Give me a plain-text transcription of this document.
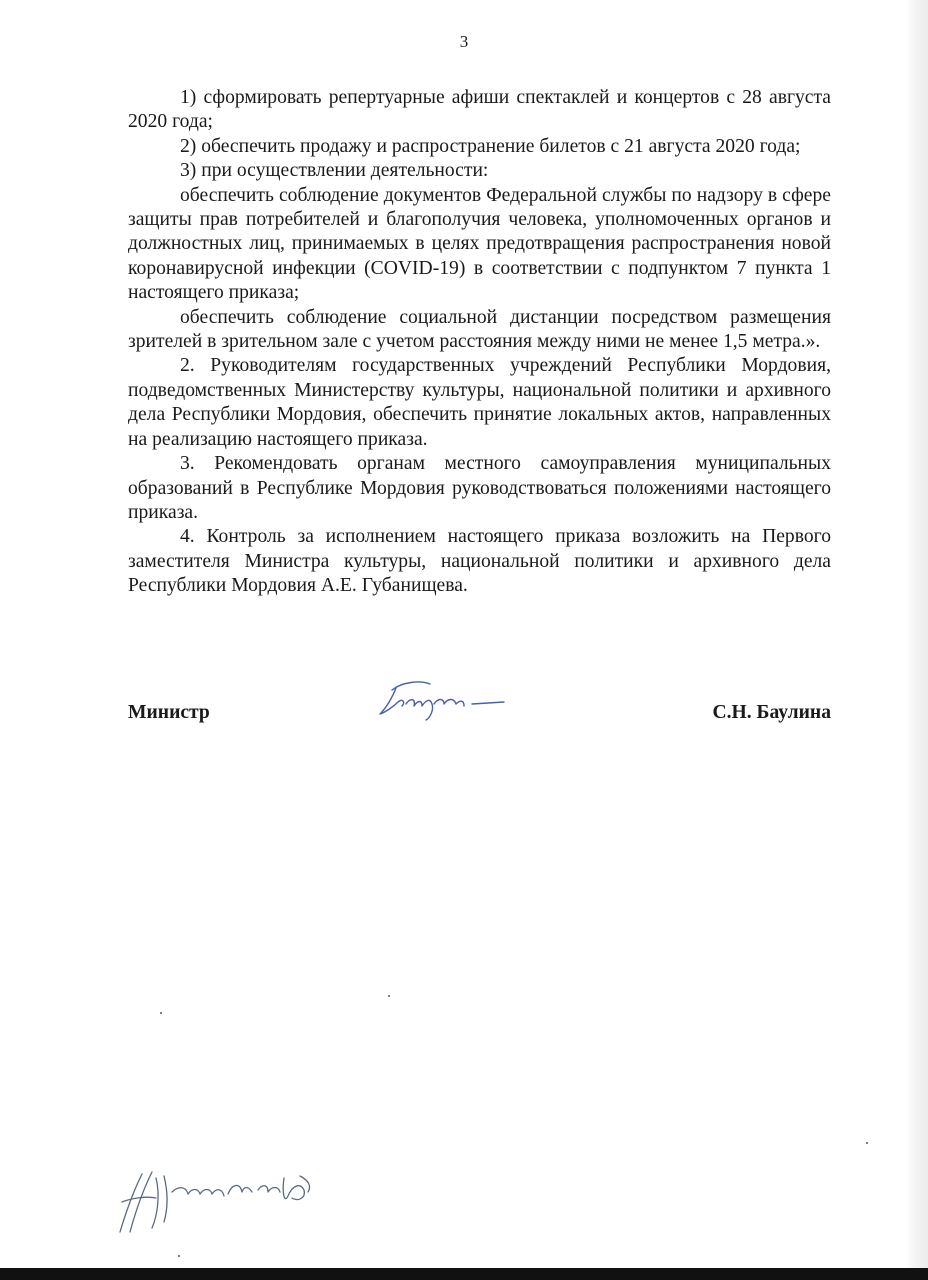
3

1) сформировать репертуарные афиши спектаклей и концертов с 28 августа 2020 года;

2) обеспечить продажу и распространение билетов с 21 августа 2020 года;

3) при осуществлении деятельности:

обеспечить соблюдение документов Федеральной службы по надзору в сфере защиты прав потребителей и благополучия человека, уполномоченных органов и должностных лиц, принимаемых в целях предотвращения распространения новой коронавирусной инфекции (COVID-19) в соответствии с подпунктом 7 пункта 1 настоящего приказа;

обеспечить соблюдение социальной дистанции посредством размещения зрителей в зрительном зале с учетом расстояния между ними не менее 1,5 метра.».

2. Руководителям государственных учреждений Республики Мордовия, подведомственных Министерству культуры, национальной политики и архивного дела Республики Мордовия, обеспечить принятие локальных актов, направленных на реализацию настоящего приказа.

3. Рекомендовать органам местного самоуправления муниципальных образований в Республике Мордовия руководствоваться положениями настоящего приказа.

4. Контроль за исполнением настоящего приказа возложить на Первого заместителя Министра культуры, национальной политики и архивного дела Республики Мордовия А.Е. Губанищева.

Министр	С.Н. Баулина
